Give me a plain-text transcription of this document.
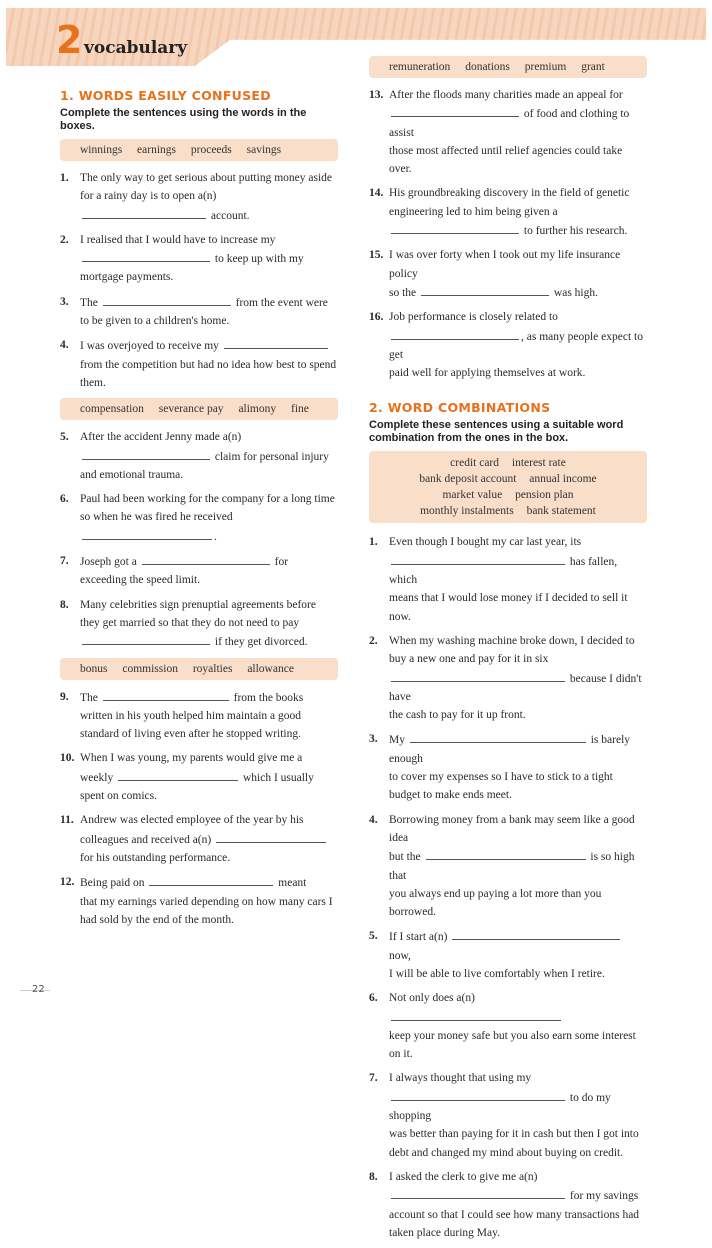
2 vocabulary
1. WORDS EASILY CONFUSED
Complete the sentences using the words in the boxes.
winnings earnings proceeds savings
1. The only way to get serious about putting money aside for a rainy day is to open a(n)
account.
2. I realised that I would have to increase my
to keep up with my
mortgage payments.
3. The	from the event were
to be given to a children's home.
4. I was overjoyed to receive my  from the competition but had no idea how best to spend them.
compensation severance pay alimony fine
5. After the accident Jenny made a(n)
claim for personal injury
and emotional trauma.
6. Paul had been working for the company for a long time so when he was fired he received
.
7. Joseph got a	for
exceeding the speed limit.
8. Many celebrities sign prenuptial agreements before they get married so that they do not need to pay
if they get divorced.
bonus commission royalties allowance
9. The	from the books
written in his youth helped him maintain a good standard of living even after he stopped writing.
10. When I was young, my parents would give me a
weekly	which I usually
spent on comics.
11. Andrew was elected employee of the year by his colleagues and received a(n)
for his outstanding performance.
12. Being paid on	meant
that my earnings varied depending on how many cars I had sold by the end of the month.
remuneration donations premium grant
13. After the floods many charities made an appeal for
of food and clothing to assist
those most affected until relief agencies could take over.
14. His groundbreaking discovery in the field of genetic engineering led to him being given a
to further his research.
15. I was over forty when I took out my life insurance policy
so the	was high.
16. Job performance is closely related to
, as many people expect to get
paid well for applying themselves at work.
2. WORD COMBINATIONS
Complete these sentences using a suitable word combination from the ones in the box.
credit card interest rate
bank deposit account annual income
market value pension plan
monthly instalments bank statement
1. Even though I bought my car last year, its
has fallen, which
means that I would lose money if I decided to sell it now.
2. When my washing machine broke down, I decided to buy a new one and pay for it in six
because I didn't have
the cash to pay for it up front.
3. My	is barely enough
to cover my expenses so I have to stick to a tight budget to make ends meet.
4. Borrowing money from a bank may seem like a good idea
but the	is so high that
you always end up paying a lot more than you borrowed.
5. If I start a(n)  now,
I will be able to live comfortably when I retire.
6. Not only does a(n)
keep your money safe but you also earn some interest on it.
7. I always thought that using my
to do my shopping
was better than paying for it in cash but then I got into debt and changed my mind about buying on credit.
8. I asked the clerk to give me a(n)
for my savings
account so that I could see how many transactions had taken place during May.
22
